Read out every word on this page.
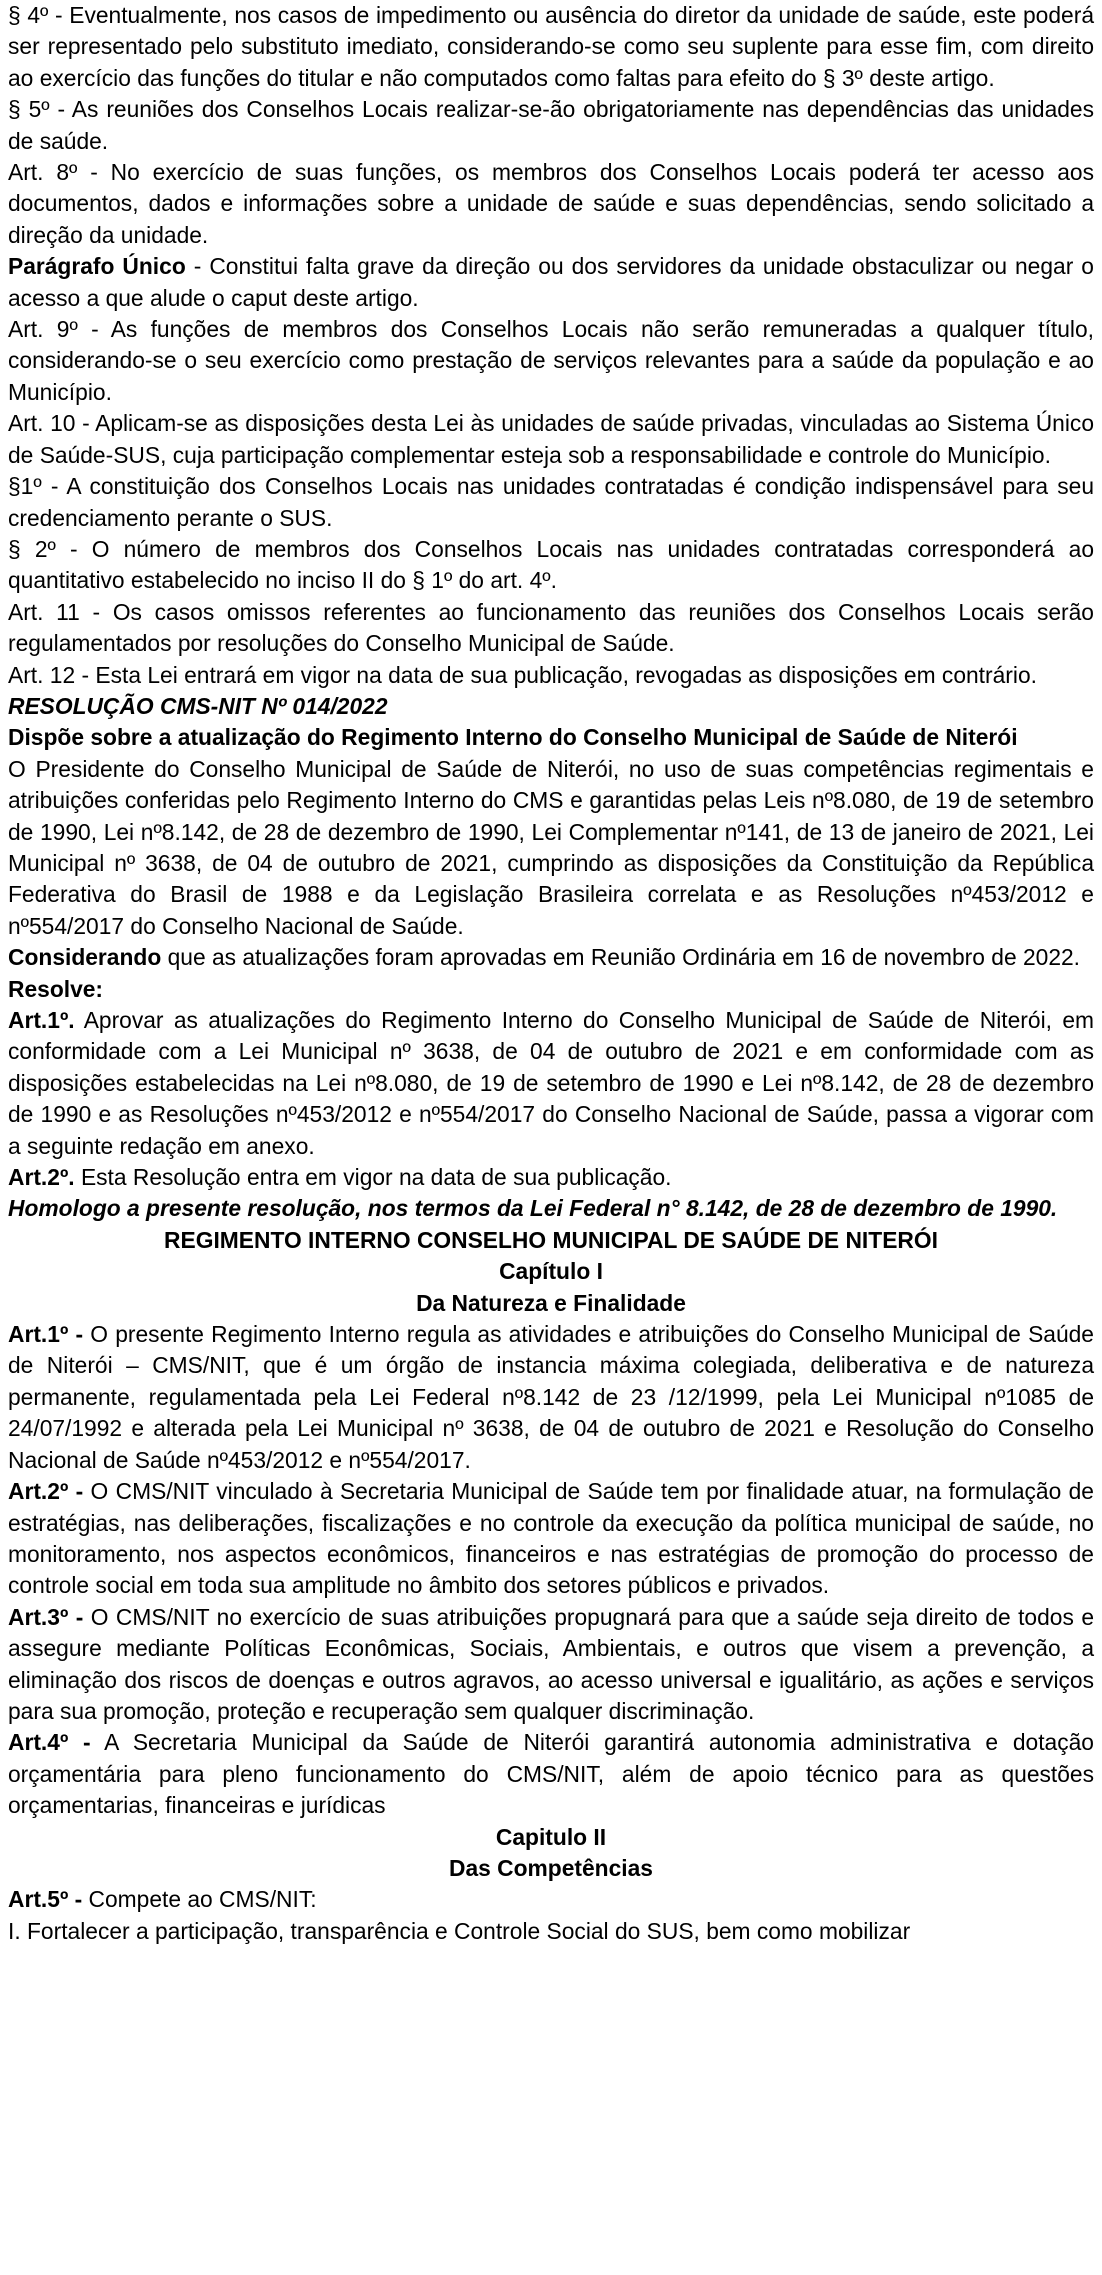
§ 4º - Eventualmente, nos casos de impedimento ou ausência do diretor da unidade de saúde, este poderá ser representado pelo substituto imediato, considerando-se como seu suplente para esse fim, com direito ao exercício das funções do titular e não computados como faltas para efeito do § 3º deste artigo.

§ 5º - As reuniões dos Conselhos Locais realizar-se-ão obrigatoriamente nas dependências das unidades de saúde.

Art. 8º - No exercício de suas funções, os membros dos Conselhos Locais poderá ter acesso aos documentos, dados e informações sobre a unidade de saúde e suas dependências, sendo solicitado a direção da unidade.

Parágrafo Único - Constitui falta grave da direção ou dos servidores da unidade obstaculizar ou negar o acesso a que alude o caput deste artigo.

Art. 9º - As funções de membros dos Conselhos Locais não serão remuneradas a qualquer título, considerando-se o seu exercício como prestação de serviços relevantes para a saúde da população e ao Município.

Art. 10 - Aplicam-se as disposições desta Lei às unidades de saúde privadas, vinculadas ao Sistema Único de Saúde-SUS, cuja participação complementar esteja sob a responsabilidade e controle do Município.

§1º - A constituição dos Conselhos Locais nas unidades contratadas é condição indispensável para seu credenciamento perante o SUS.

§ 2º - O número de membros dos Conselhos Locais nas unidades contratadas corresponderá ao quantitativo estabelecido no inciso II do § 1º do art. 4º.

Art. 11 - Os casos omissos referentes ao funcionamento das reuniões dos Conselhos Locais serão regulamentados por resoluções do Conselho Municipal de Saúde.

Art. 12 - Esta Lei entrará em vigor na data de sua publicação, revogadas as disposições em contrário.

RESOLUÇÃO CMS-NIT Nº 014/2022

Dispõe sobre a atualização do Regimento Interno do Conselho Municipal de Saúde de Niterói

O Presidente do Conselho Municipal de Saúde de Niterói, no uso de suas competências regimentais e atribuições conferidas pelo Regimento Interno do CMS e garantidas pelas Leis nº8.080, de 19 de setembro de 1990, Lei nº8.142, de 28 de dezembro de 1990, Lei Complementar nº141, de 13 de janeiro de 2021, Lei Municipal nº 3638, de 04 de outubro de 2021, cumprindo as disposições da Constituição da República Federativa do Brasil de 1988 e da Legislação Brasileira correlata e as Resoluções nº453/2012 e nº554/2017 do Conselho Nacional de Saúde.

Considerando que as atualizações foram aprovadas em Reunião Ordinária em 16 de novembro de 2022.

Resolve:

Art.1º. Aprovar as atualizações do Regimento Interno do Conselho Municipal de Saúde de Niterói, em conformidade com a Lei Municipal nº 3638, de 04 de outubro de 2021 e em conformidade com as disposições estabelecidas na Lei nº8.080, de 19 de setembro de 1990 e Lei nº8.142, de 28 de dezembro de 1990 e as Resoluções nº453/2012 e nº554/2017 do Conselho Nacional de Saúde, passa a vigorar com a seguinte redação em anexo.

Art.2º. Esta Resolução entra em vigor na data de sua publicação.

Homologo a presente resolução, nos termos da Lei Federal n° 8.142, de 28 de dezembro de 1990.

REGIMENTO INTERNO CONSELHO MUNICIPAL DE SAÚDE DE NITERÓI

Capítulo I

Da Natureza e Finalidade

Art.1º - O presente Regimento Interno regula as atividades e atribuições do Conselho Municipal de Saúde de Niterói – CMS/NIT, que é um órgão de instancia máxima colegiada, deliberativa e de natureza permanente, regulamentada pela Lei Federal nº8.142 de 23 /12/1999, pela Lei Municipal nº1085 de 24/07/1992 e alterada pela Lei Municipal nº 3638, de 04 de outubro de 2021 e Resolução do Conselho Nacional de Saúde nº453/2012 e nº554/2017.

Art.2º - O CMS/NIT vinculado à Secretaria Municipal de Saúde tem por finalidade atuar, na formulação de estratégias, nas deliberações, fiscalizações e no controle da execução da política municipal de saúde, no monitoramento, nos aspectos econômicos, financeiros e nas estratégias de promoção do processo de controle social em toda sua amplitude no âmbito dos setores públicos e privados.

Art.3º - O CMS/NIT no exercício de suas atribuições propugnará para que a saúde seja direito de todos e assegure mediante Políticas Econômicas, Sociais, Ambientais, e outros que visem a prevenção, a eliminação dos riscos de doenças e outros agravos, ao acesso universal e igualitário, as ações e serviços para sua promoção, proteção e recuperação sem qualquer discriminação.

Art.4º - A Secretaria Municipal da Saúde de Niterói garantirá autonomia administrativa e dotação orçamentária para pleno funcionamento do CMS/NIT, além de apoio técnico para as questões orçamentarias, financeiras e jurídicas

Capitulo II

Das Competências

Art.5º - Compete ao CMS/NIT:

I. Fortalecer a participação, transparência e Controle Social do SUS, bem como mobilizar
